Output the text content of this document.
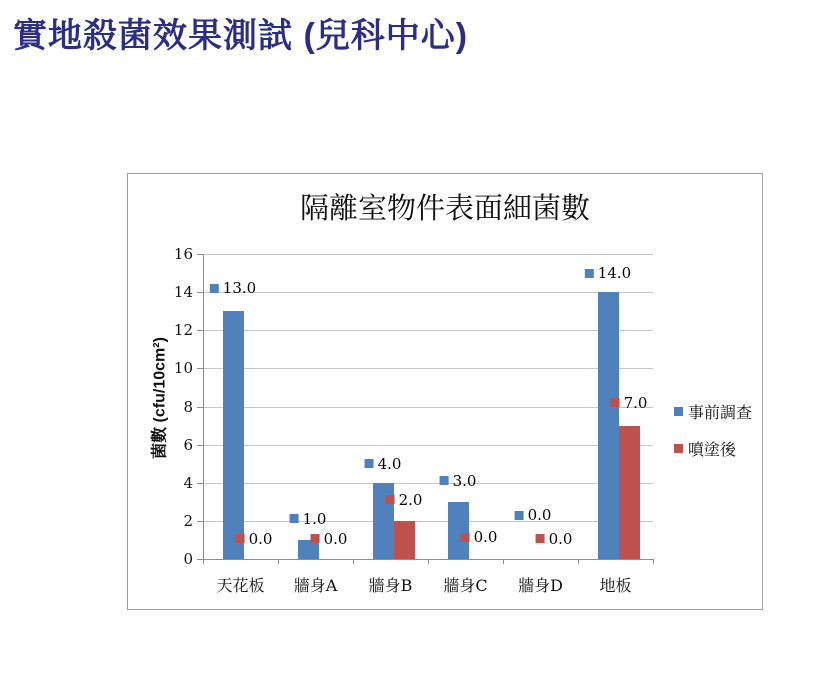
實地殺菌效果測試 (兒科中心)
隔離室物件表面細菌數
菌數 (cfu/10cm²)
0
2
4
6
8
10
12
14
16
天花板	牆身A	牆身B	牆身C	牆身D	地板
13.0
1.0
4.0
3.0
0.0
14.0
0.0	0.0
2.0
0.0	0.0
7.0
事前調查
噴塗後
